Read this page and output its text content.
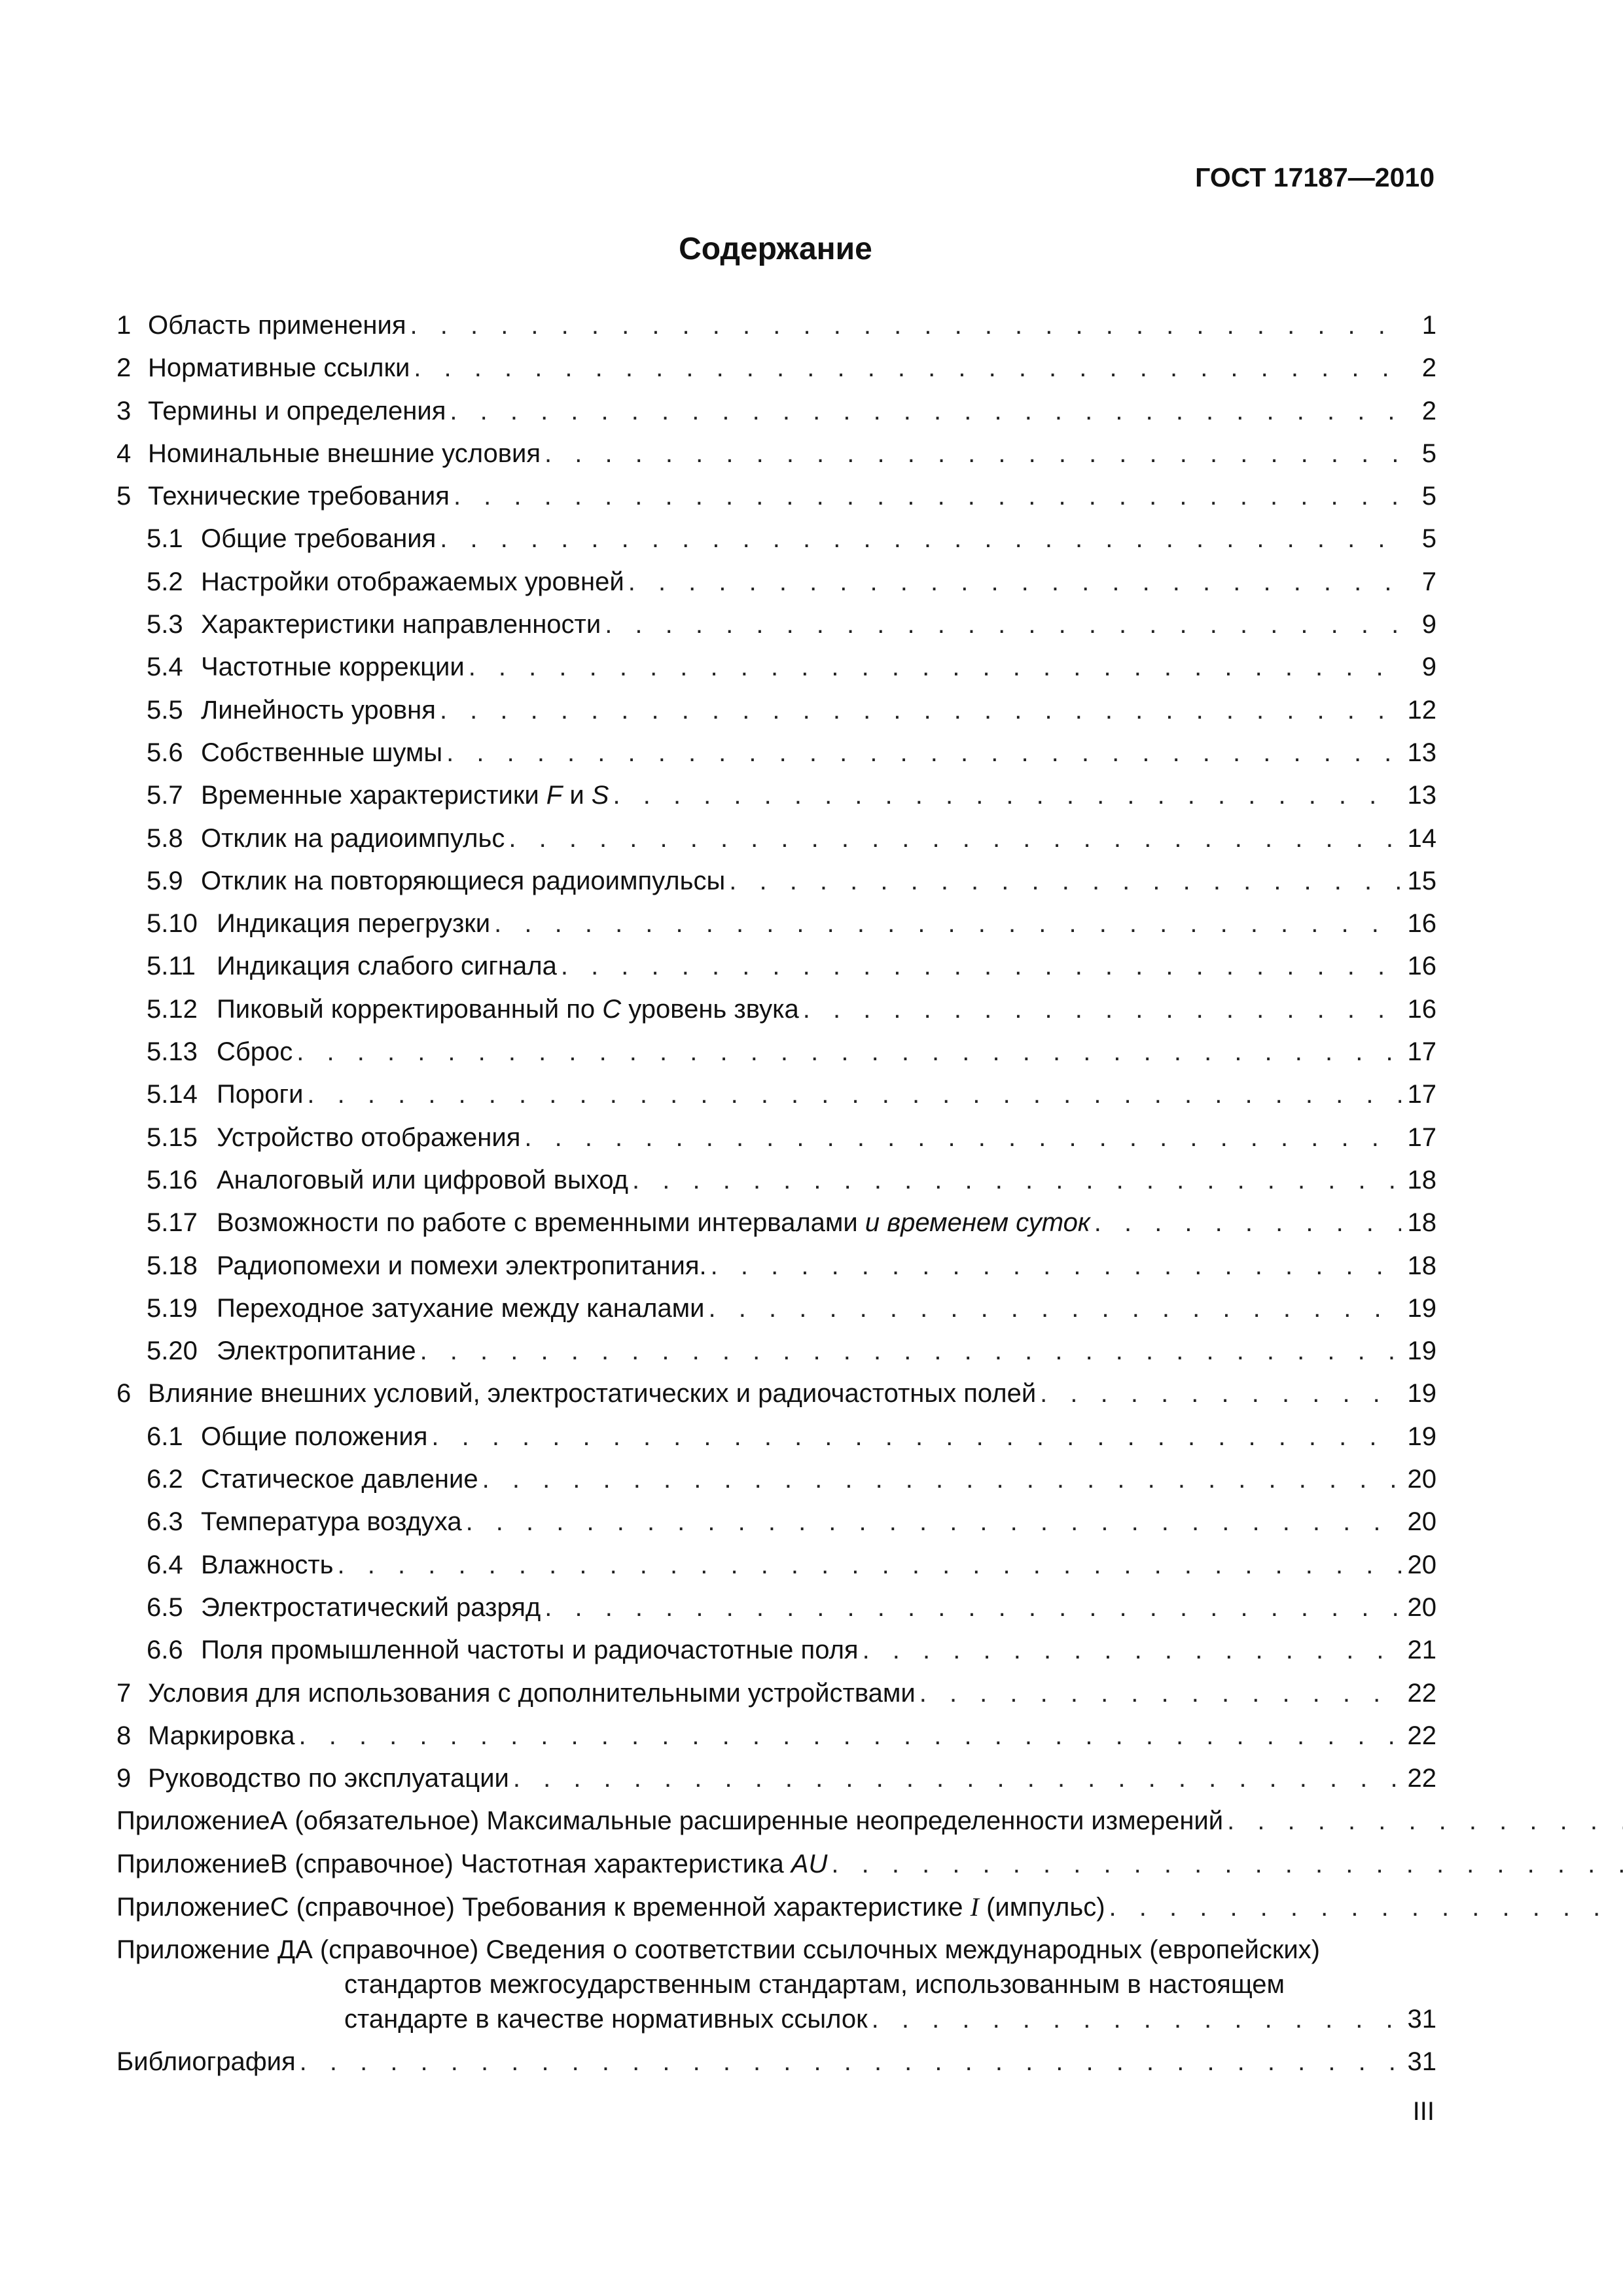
ГОСТ 17187—2010
Содержание
1 Область применения . . .	1
2 Нормативные ссылки . . .	2
3 Термины и определения . . .	2
4 Номинальные внешние условия . . .	5
5 Технические требования . . .	5
5.1 Общие требования . . .	5
5.2 Настройки отображаемых уровней . . .	7
5.3 Характеристики направленности . . .	9
5.4 Частотные коррекции . . .	9
5.5 Линейность уровня . . .	12
5.6 Собственные шумы . . .	13
5.7 Временные характеристики F и S . . .	13
5.8 Отклик на радиоимпульс . . .	14
5.9 Отклик на повторяющиеся радиоимпульсы . . .	15
5.10 Индикация перегрузки . . .	16
5.11 Индикация слабого сигнала . . .	16
5.12 Пиковый корректированный по C уровень звука . . .	16
5.13 Сброс . . .	17
5.14 Пороги . . .	17
5.15 Устройство отображения . . .	17
5.16 Аналоговый или цифровой выход . . .	18
5.17 Возможности по работе с временными интервалами и временем суток . . .	18
5.18 Радиопомехи и помехи электропитания. . . .	18
5.19 Переходное затухание между каналами . . .	19
5.20 Электропитание . . .	19
6 Влияние внешних условий, электростатических и радиочастотных полей . . .	19
6.1 Общие положения . . .	19
6.2 Статическое давление . . .	20
6.3 Температура воздуха . . .	20
6.4 Влажность . . .	20
6.5 Электростатический разряд . . .	20
6.6 Поля промышленной частоты и радиочастотные поля . . .	21
7 Условия для использования с дополнительными устройствами . . .	22
8 Маркировка . . .	22
9 Руководство по эксплуатации . . .	22
Приложение А (обязательное) Максимальные расширенные неопределенности измерений
. . .
Приложение В (справочное) Частотная характеристика AU
. . .
Приложение С (справочное) Требования к временной характеристике I (импульс)
. . .
Приложение ДА (справочное) Сведения о соответствии ссылочных международных (европейских)
стандартов межгосударственным стандартам, использованным в настоящем
стандарте в качестве нормативных ссылок . . .	31
Библиография . . .	31
III
